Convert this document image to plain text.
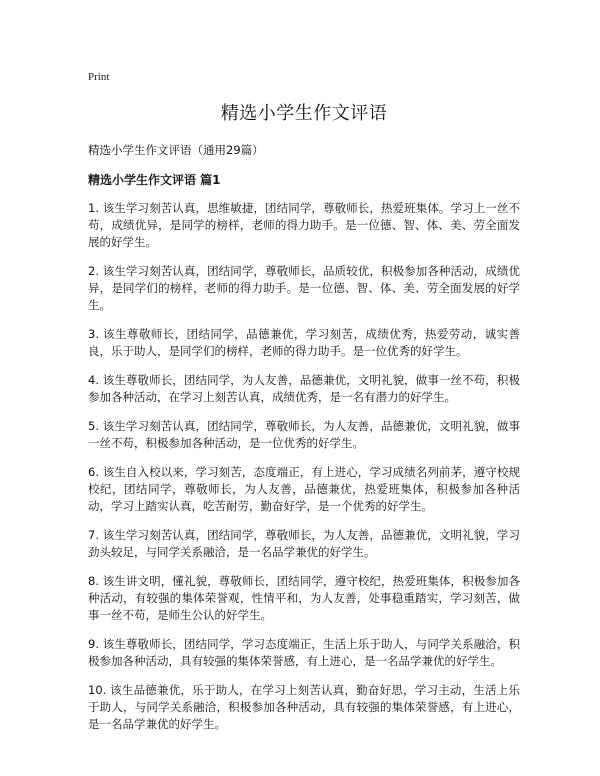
Print
精选小学生作文评语
精选小学生作文评语（通用29篇）
精选小学生作文评语 篇1

1. 该生学习刻苦认真，思维敏捷，团结同学，尊敬师长，热爱班集体。学习上一丝不苟，成绩优异，是同学的榜样，老师的得力助手。是一位德、智、体、美、劳全面发展的好学生。

2. 该生学习刻苦认真，团结同学，尊敬师长，品质较优，积极参加各种活动，成绩优异，是同学们的榜样，老师的得力助手。是一位德、智、体、美、劳全面发展的好学生。

3. 该生尊敬师长，团结同学，品德兼优，学习刻苦，成绩优秀，热爱劳动，诚实善良，乐于助人，是同学们的榜样，老师的得力助手。是一位优秀的好学生。

4. 该生尊敬师长，团结同学，为人友善，品德兼优，文明礼貌，做事一丝不苟，积极参加各种活动，在学习上刻苦认真，成绩优秀，是一名有潜力的好学生。

5. 该生学习刻苦认真，团结同学，尊敬师长，为人友善，品德兼优，文明礼貌，做事一丝不苟，积极参加各种活动，是一位优秀的好学生。

6. 该生自入校以来，学习刻苦，态度端正，有上进心，学习成绩名列前茅，遵守校规校纪，团结同学，尊敬师长，为人友善，品德兼优，热爱班集体，积极参加各种活动，学习上踏实认真，吃苦耐劳，勤奋好学，是一个优秀的好学生。

7. 该生学习刻苦认真，团结同学，尊敬师长，为人友善，品德兼优，文明礼貌，学习劲头较足，与同学关系融洽，是一名品学兼优的好学生。

8. 该生讲文明，懂礼貌，尊敬师长，团结同学，遵守校纪，热爱班集体，积极参加各种活动，有较强的集体荣誉观，性情平和，为人友善，处事稳重踏实，学习刻苦，做事一丝不苟，是师生公认的好学生。

9. 该生尊敬师长，团结同学，学习态度端正，生活上乐于助人，与同学关系融洽，积极参加各种活动，具有较强的集体荣誉感，有上进心，是一名品学兼优的好学生。

10. 该生品德兼优，乐于助人，在学习上刻苦认真，勤奋好思，学习主动，生活上乐于助人，与同学关系融洽，积极参加各种活动，具有较强的集体荣誉感，有上进心，是一名品学兼优的好学生。
